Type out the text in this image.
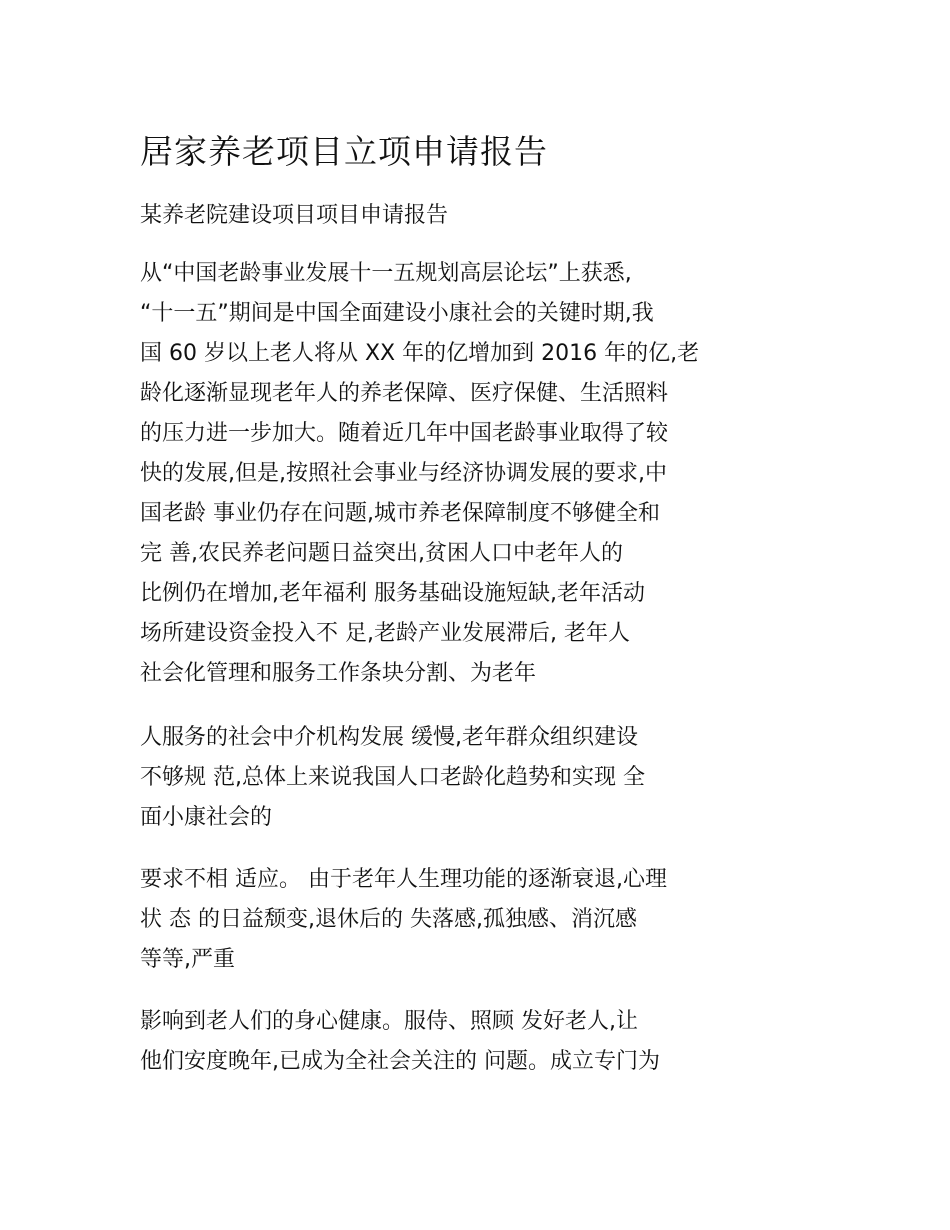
居家养老项目立项申请报告
某养老院建设项目项目申请报告
从“中国老龄事业发展十一五规划高层论坛”上获悉,
“十一五”期间是中国全面建设小康社会的关键时期,我
国 60 岁以上老人将从 XX 年的亿增加到 2016 年的亿,老
龄化逐渐显现老年人的养老保障、医疗保健、生活照料
的压力进一步加大。随着近几年中国老龄事业取得了较
快的发展,但是,按照社会事业与经济协调发展的要求,中
国老龄 事业仍存在问题,城市养老保障制度不够健全和
完 善,农民养老问题日益突出,贫困人口中老年人的
比例仍在增加,老年福利 服务基础设施短缺,老年活动
场所建设资金投入不 足,老龄产业发展滞后, 老年人
社会化管理和服务工作条块分割、为老年
人服务的社会中介机构发展 缓慢,老年群众组织建设
不够规 范,总体上来说我国人口老龄化趋势和实现 全
面小康社会的
要求不相 适应。 由于老年人生理功能的逐渐衰退,心理
状 态 的日益颓变,退休后的 失落感,孤独感、消沉感
等等,严重
影响到老人们的身心健康。服侍、照顾 发好老人,让
他们安度晚年,已成为全社会关注的 问题。成立专门为
